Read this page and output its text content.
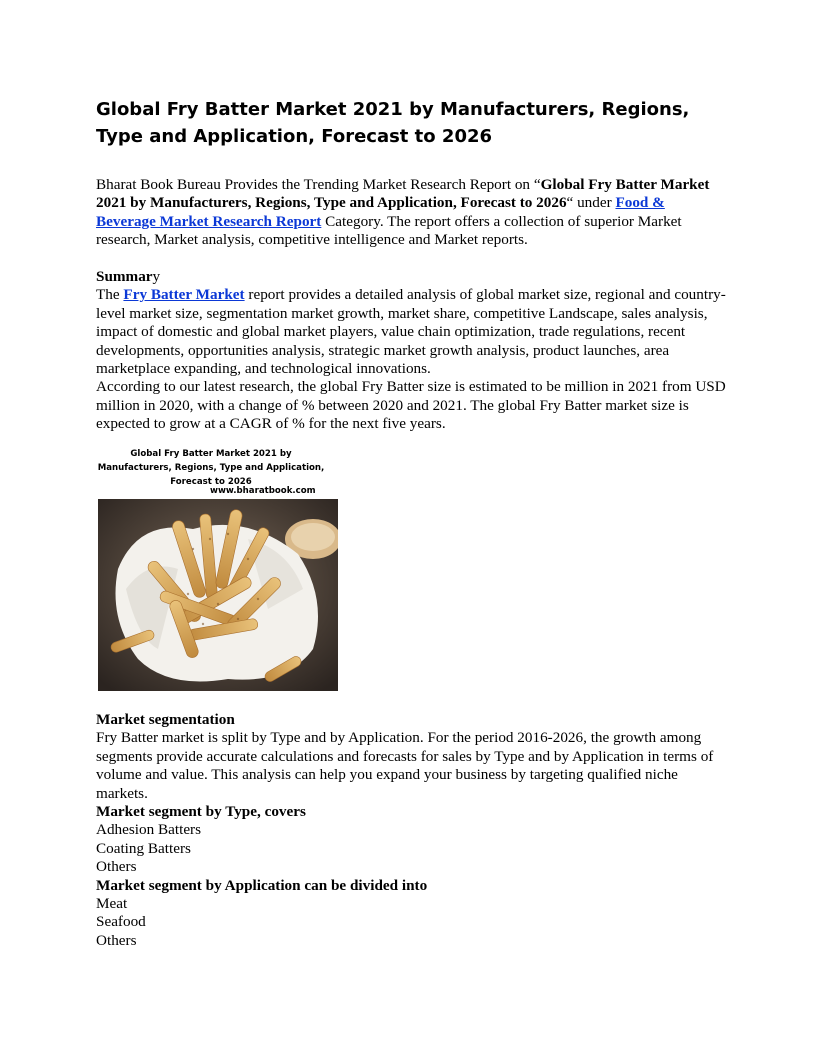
Global Fry Batter Market 2021 by Manufacturers, Regions, Type and Application, Forecast to 2026

Bharat Book Bureau Provides the Trending Market Research Report on “Global Fry Batter Market 2021 by Manufacturers, Regions, Type and Application, Forecast to 2026“ under Food & Beverage Market Research Report Category. The report offers a collection of superior Market research, Market analysis, competitive intelligence and Market reports.

Summary
The Fry Batter Market report provides a detailed analysis of global market size, regional and country-level market size, segmentation market growth, market share, competitive Landscape, sales analysis, impact of domestic and global market players, value chain optimization, trade regulations, recent developments, opportunities analysis, strategic market growth analysis, product launches, area marketplace expanding, and technological innovations.
According to our latest research, the global Fry Batter size is estimated to be million in 2021 from USD million in 2020, with a change of % between 2020 and 2021. The global Fry Batter market size is expected to grow at a CAGR of % for the next five years.
Global Fry Batter Market 2021 by Manufacturers, Regions, Type and Application, Forecast to 2026
www.bharatbook.com
Market segmentation
Fry Batter market is split by Type and by Application. For the period 2016-2026, the growth among segments provide accurate calculations and forecasts for sales by Type and by Application in terms of volume and value. This analysis can help you expand your business by targeting qualified niche markets.
Market segment by Type, covers
Adhesion Batters
Coating Batters
Others
Market segment by Application can be divided into
Meat
Seafood
Others
